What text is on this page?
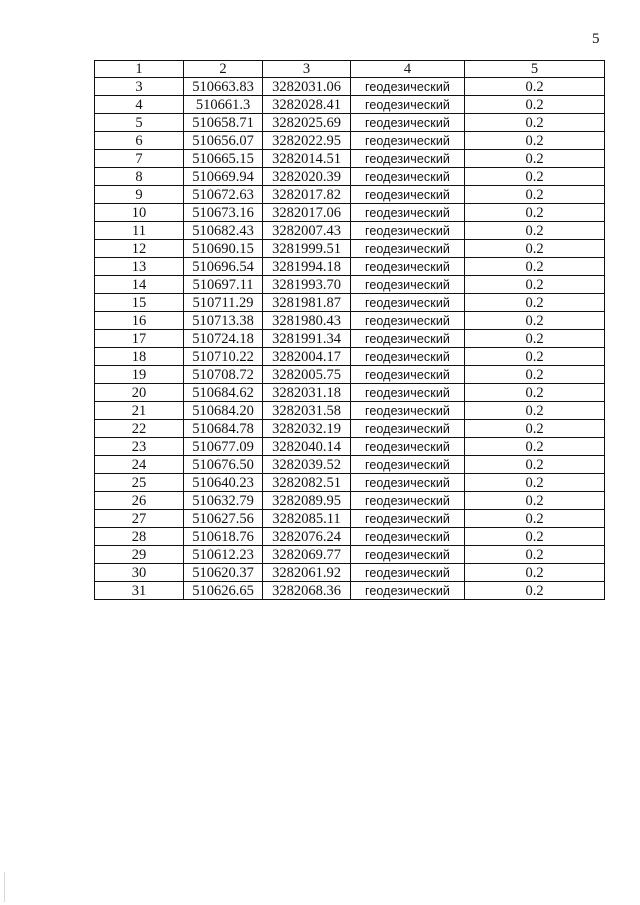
5
1	2	3	4	5
3	510663.83	3282031.06	геодезический	0.2
4	510661.3	3282028.41	геодезический	0.2
5	510658.71	3282025.69	геодезический	0.2
6	510656.07	3282022.95	геодезический	0.2
7	510665.15	3282014.51	геодезический	0.2
8	510669.94	3282020.39	геодезический	0.2
9	510672.63	3282017.82	геодезический	0.2
10	510673.16	3282017.06	геодезический	0.2
11	510682.43	3282007.43	геодезический	0.2
12	510690.15	3281999.51	геодезический	0.2
13	510696.54	3281994.18	геодезический	0.2
14	510697.11	3281993.70	геодезический	0.2
15	510711.29	3281981.87	геодезический	0.2
16	510713.38	3281980.43	геодезический	0.2
17	510724.18	3281991.34	геодезический	0.2
18	510710.22	3282004.17	геодезический	0.2
19	510708.72	3282005.75	геодезический	0.2
20	510684.62	3282031.18	геодезический	0.2
21	510684.20	3282031.58	геодезический	0.2
22	510684.78	3282032.19	геодезический	0.2
23	510677.09	3282040.14	геодезический	0.2
24	510676.50	3282039.52	геодезический	0.2
25	510640.23	3282082.51	геодезический	0.2
26	510632.79	3282089.95	геодезический	0.2
27	510627.56	3282085.11	геодезический	0.2
28	510618.76	3282076.24	геодезический	0.2
29	510612.23	3282069.77	геодезический	0.2
30	510620.37	3282061.92	геодезический	0.2
31	510626.65	3282068.36	геодезический	0.2
